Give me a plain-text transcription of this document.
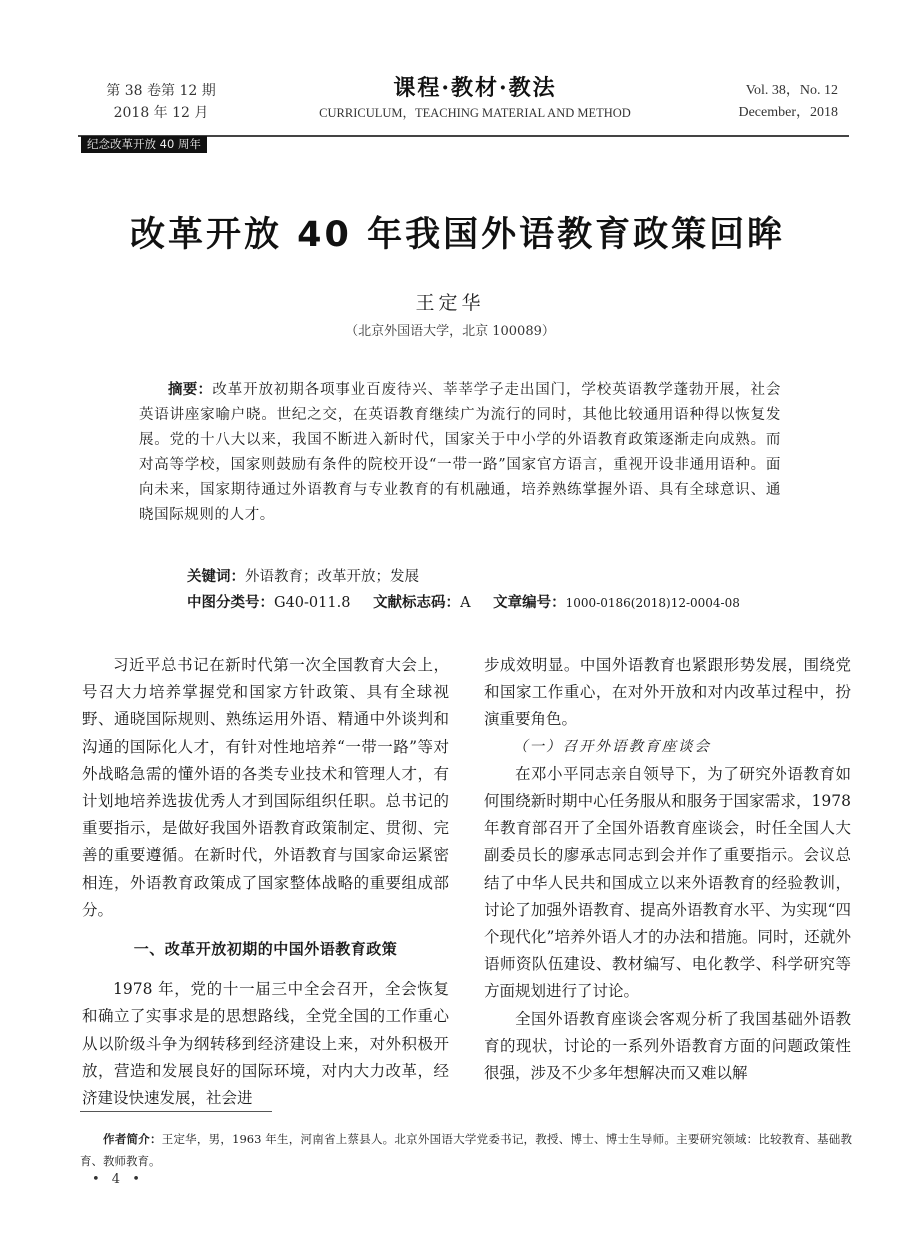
第 38 卷第 12 期
2018 年 12 月
课程·教材·教法
CURRICULUM，TEACHING MATERIAL AND METHOD
Vol. 38，No. 12
December，2018
纪念改革开放 40 周年
改革开放 40 年我国外语教育政策回眸
王定华
（北京外国语大学，北京 100089）
摘要：改革开放初期各项事业百废待兴、莘莘学子走出国门，学校英语教学蓬勃开展，社会英语讲座家喻户晓。世纪之交，在英语教育继续广为流行的同时，其他比较通用语种得以恢复发展。党的十八大以来，我国不断进入新时代，国家关于中小学的外语教育政策逐渐走向成熟。而对高等学校，国家则鼓励有条件的院校开设“一带一路”国家官方语言，重视开设非通用语种。面向未来，国家期待通过外语教育与专业教育的有机融通，培养熟练掌握外语、具有全球意识、通晓国际规则的人才。
关键词：外语教育；改革开放；发展
中图分类号：G40-011.8 文献标志码：A 文章编号：1000-0186(2018)12-0004-08

习近平总书记在新时代第一次全国教育大会上，号召大力培养掌握党和国家方针政策、具有全球视野、通晓国际规则、熟练运用外语、精通中外谈判和沟通的国际化人才，有针对性地培养“一带一路”等对外战略急需的懂外语的各类专业技术和管理人才，有计划地培养选拔优秀人才到国际组织任职。总书记的重要指示，是做好我国外语教育政策制定、贯彻、完善的重要遵循。在新时代，外语教育与国家命运紧密相连，外语教育政策成了国家整体战略的重要组成部分。

一、改革开放初期的中国外语教育政策

1978 年，党的十一届三中全会召开，全会恢复和确立了实事求是的思想路线，全党全国的工作重心从以阶级斗争为纲转移到经济建设上来，对外积极开放，营造和发展良好的国际环境，对内大力改革，经济建设快速发展，社会进

步成效明显。中国外语教育也紧跟形势发展，围绕党和国家工作重心，在对外开放和对内改革过程中，扮演重要角色。

（一）召开外语教育座谈会

在邓小平同志亲自领导下，为了研究外语教育如何围绕新时期中心任务服从和服务于国家需求，1978 年教育部召开了全国外语教育座谈会，时任全国人大副委员长的廖承志同志到会并作了重要指示。会议总结了中华人民共和国成立以来外语教育的经验教训，讨论了加强外语教育、提高外语教育水平、为实现“四个现代化”培养外语人才的办法和措施。同时，还就外语师资队伍建设、教材编写、电化教学、科学研究等方面规划进行了讨论。

全国外语教育座谈会客观分析了我国基础外语教育的现状，讨论的一系列外语教育方面的问题政策性很强，涉及不少多年想解决而又难以解

作者简介：王定华，男，1963 年生，河南省上蔡县人。北京外国语大学党委书记，教授、博士、博士生导师。主要研究领域：比较教育、基础教育、教师教育。
• 4 •
